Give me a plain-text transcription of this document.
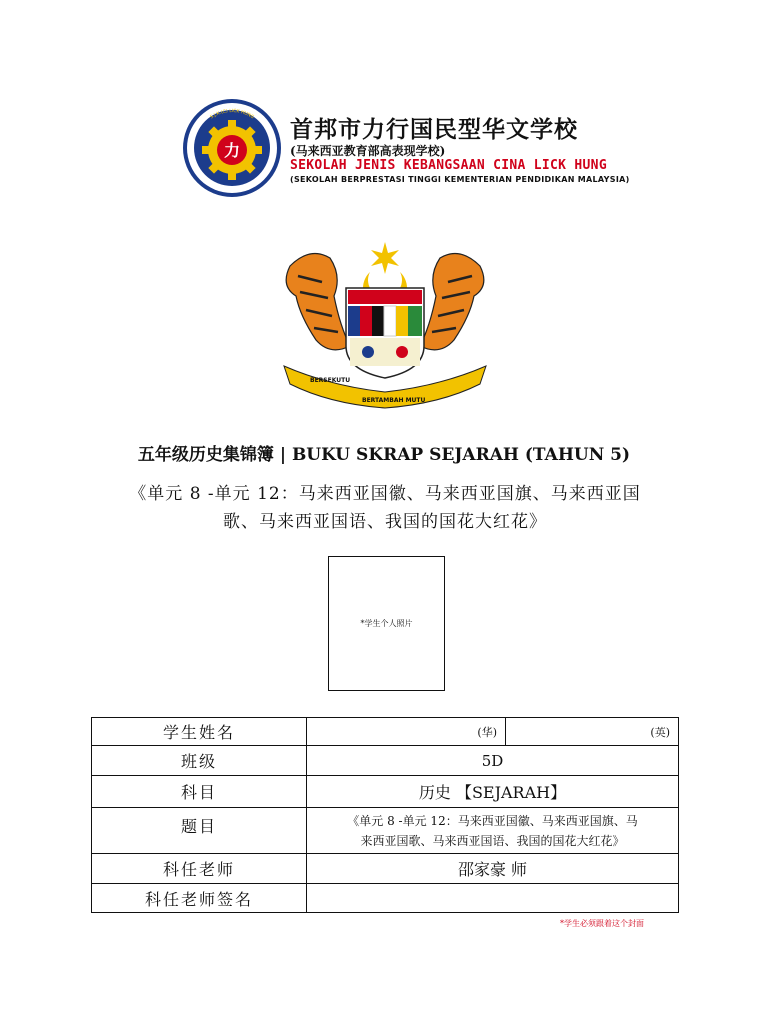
力
S.J.K.(C) LICK HUNG 首邦市力行国民型华文学校
(马来西亚教育部高表现学校)
SEKOLAH JENIS KEBANGSAAN CINA LICK HUNG
(SEKOLAH BERPRESTASI TINGGI KEMENTERIAN PENDIDIKAN MALAYSIA)
BERSEKUTU
BERTAMBAH MUTU
五年级历史集锦簿 | BUKU SKRAP SEJARAH (TAHUN 5)
《单元 8 -单元 12：马来西亚国徽、马来西亚国旗、马来西亚国
歌、马来西亚国语、我国的国花大红花》
*学生个人照片
学生姓名	(华)	(英)
班级	5D	
科目	历史 【SEJARAH】	
题目	《单元 8 -单元 12：马来西亚国徽、马来西亚国旗、马
来西亚国歌、马来西亚国语、我国的国花大红花》	

科任老师	邵家豪 师	
科任老师签名		
*学生必须跟着这个封面
